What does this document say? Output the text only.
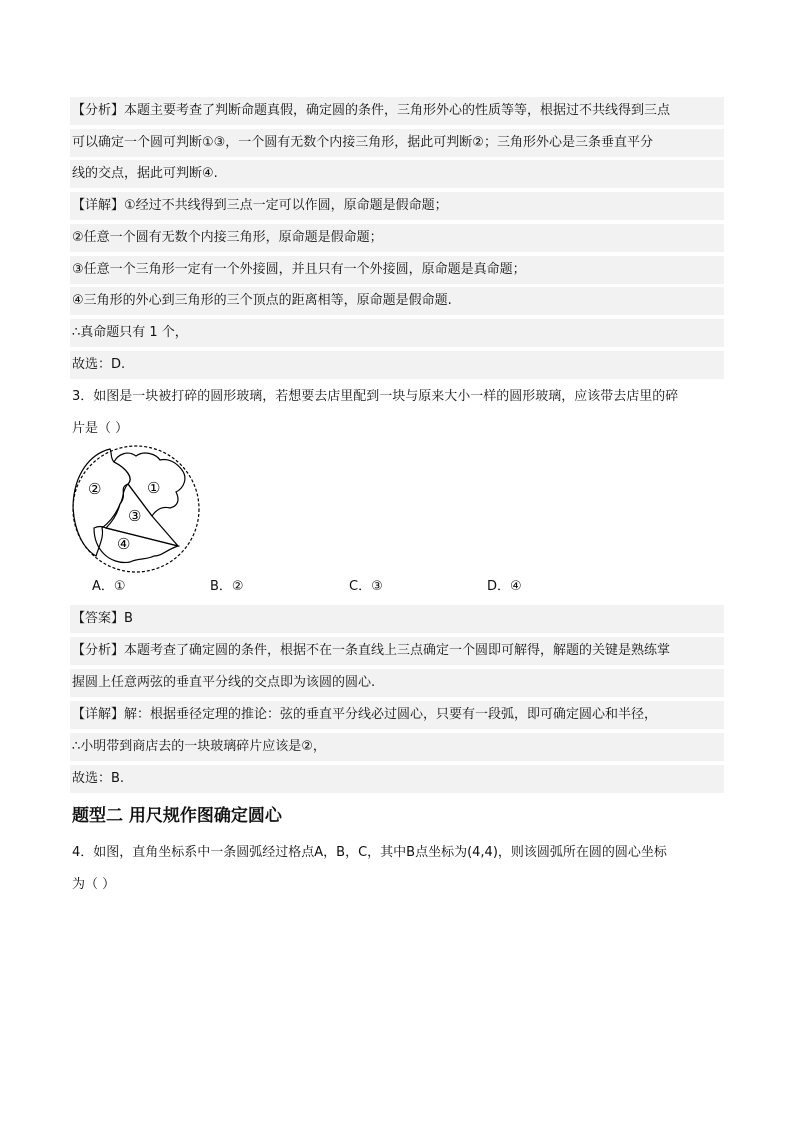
【分析】本题主要考查了判断命题真假，确定圆的条件，三角形外心的性质等等，根据过不共线得到三点
可以确定一个圆可判断①③，一个圆有无数个内接三角形，据此可判断②；三角形外心是三条垂直平分
线的交点，据此可判断④.
【详解】①经过不共线得到三点一定可以作圆，原命题是假命题；
②任意一个圆有无数个内接三角形，原命题是假命题；
③任意一个三角形一定有一个外接圆，并且只有一个外接圆，原命题是真命题；
④三角形的外心到三角形的三个顶点的距离相等，原命题是假命题.
∴真命题只有 1 个，
故选：D.
3．如图是一块被打碎的圆形玻璃，若想要去店里配到一块与原来大小一样的圆形玻璃，应该带去店里的碎
片是（ ）
②	①
③
④
A．①	B．②	C．③	D．④
【答案】B
【分析】本题考查了确定圆的条件，根据不在一条直线上三点确定一个圆即可解得，解题的关键是熟练掌
握圆上任意两弦的垂直平分线的交点即为该圆的圆心.
【详解】解：根据垂径定理的推论：弦的垂直平分线必过圆心，只要有一段弧，即可确定圆心和半径，
∴小明带到商店去的一块玻璃碎片应该是②，
故选：B.
题型二 用尺规作图确定圆心
4．如图，直角坐标系中一条圆弧经过格点A，B，C，其中B点坐标为(4,4)，则该圆弧所在圆的圆心坐标
为（ ）
